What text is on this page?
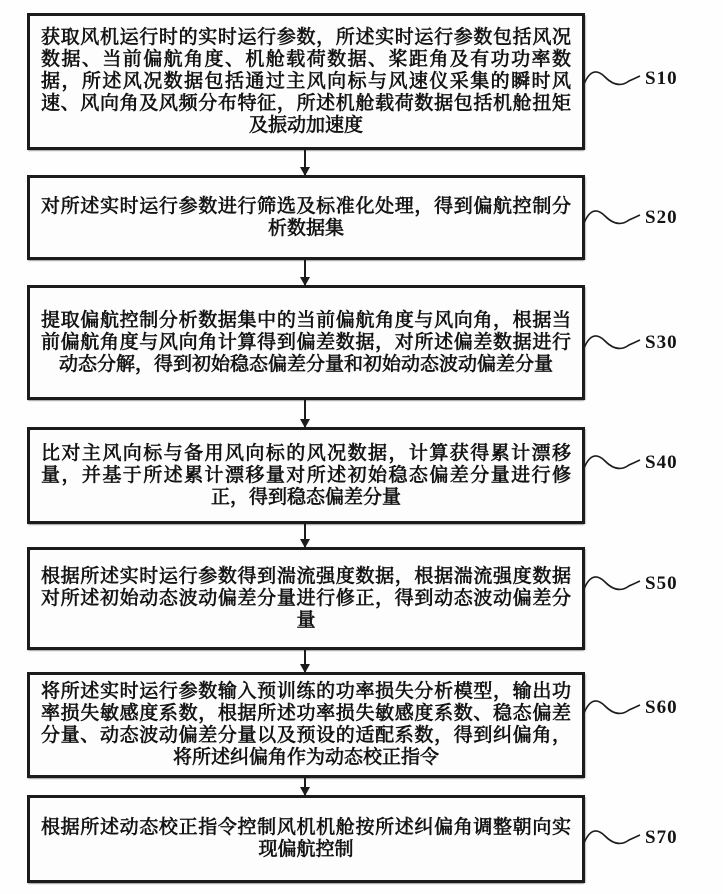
获取风机运行时的实时运行参数，所述实时运行参数包括风况数据、当前偏航角度、机舱载荷数据、桨距角及有功功率数据，所述风况数据包括通过主风向标与风速仪采集的瞬时风速、风向角及风频分布特征，所述机舱载荷数据包括机舱扭矩及振动加速度
S10
对所述实时运行参数进行筛选及标准化处理，得到偏航控制分析数据集	S20
提取偏航控制分析数据集中的当前偏航角度与风向角，根据当前偏航角度与风向角计算得到偏差数据，对所述偏差数据进行动态分解，得到初始稳态偏差分量和初始动态波动偏差分量
S30
比对主风向标与备用风向标的风况数据，计算获得累计漂移量，并基于所述累计漂移量对所述初始稳态偏差分量进行修正，得到稳态偏差分量
S40
根据所述实时运行参数得到湍流强度数据，根据湍流强度数据对所述初始动态波动偏差分量进行修正，得到动态波动偏差分量
S50
将所述实时运行参数输入预训练的功率损失分析模型，输出功率损失敏感度系数，根据所述功率损失敏感度系数、稳态偏差分量、动态波动偏差分量以及预设的适配系数，得到纠偏角，将所述纠偏角作为动态校正指令
S60
根据所述动态校正指令控制风机机舱按所述纠偏角调整朝向实现偏航控制
S70
